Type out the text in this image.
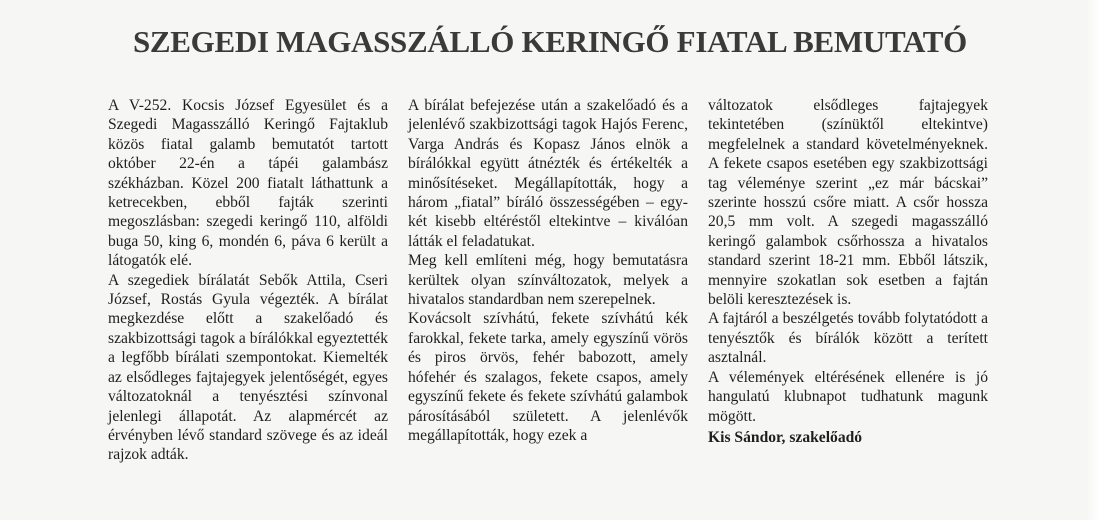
SZEGEDI MAGASSZÁLLÓ KERINGŐ FIATAL BEMUTATÓ

A V-252. Kocsis József Egyesület és a Szegedi Magasszálló Keringő Fajtaklub közös fiatal galamb bemutatót tartott október 22-én a tápéi galambász székházban. Közel 200 fiatalt láthattunk a ketrecekben, ebből fajták szerinti megoszlásban: szegedi keringő 110, alföldi buga 50, king 6, mondén 6, páva 6 került a látogatók elé.

A szegediek bírálatát Sebők Attila, Cseri József, Rostás Gyula végezték. A bírálat megkezdése előtt a szakelőadó és szakbizottsági tagok a bírálókkal egyeztették a legfőbb bírálati szempontokat. Kiemelték az elsődleges fajtajegyek jelentőségét, egyes változatoknál a tenyésztési színvonal jelenlegi állapotát. Az alapmércét az érvényben lévő standard szövege és az ideál rajzok adták.

A bírálat befejezése után a szakelőadó és a jelenlévő szakbizottsági tagok Hajós Ferenc, Varga András és Kopasz János elnök a bírálókkal együtt átnézték és értékelték a minősítéseket. Megállapították, hogy a három „fiatal” bíráló összességében – egy-két kisebb eltéréstől eltekintve – kiválóan látták el feladatukat.

Meg kell említeni még, hogy bemutatásra kerültek olyan színváltozatok, melyek a hivatalos standardban nem szerepelnek.

Kovácsolt szívhátú, fekete szívhátú kék farokkal, fekete tarka, amely egyszínű vörös és piros örvös, fehér babozott, amely hófehér és szalagos, fekete csapos, amely egyszínű fekete és fekete szívhátú galambok párosításából született. A jelenlévők megállapították, hogy ezek a

változatok elsődleges fajtajegyek tekintetében (színüktől eltekintve) megfelelnek a standard követelményeknek. A fekete csapos esetében egy szakbizottsági tag véleménye szerint „ez már bácskai” szerinte hosszú csőre miatt. A csőr hossza 20,5 mm volt. A szegedi magasszálló keringő galambok csőrhossza a hivatalos standard szerint 18-21 mm. Ebből látszik, mennyire szokatlan sok esetben a fajtán belöli keresztezések is.

A fajtáról a beszélgetés tovább folytatódott a tenyésztők és bírálók között a terített asztalnál.

A vélemények eltérésének ellenére is jó hangulatú klubnapot tudhatunk magunk mögött.

Kis Sándor, szakelőadó
